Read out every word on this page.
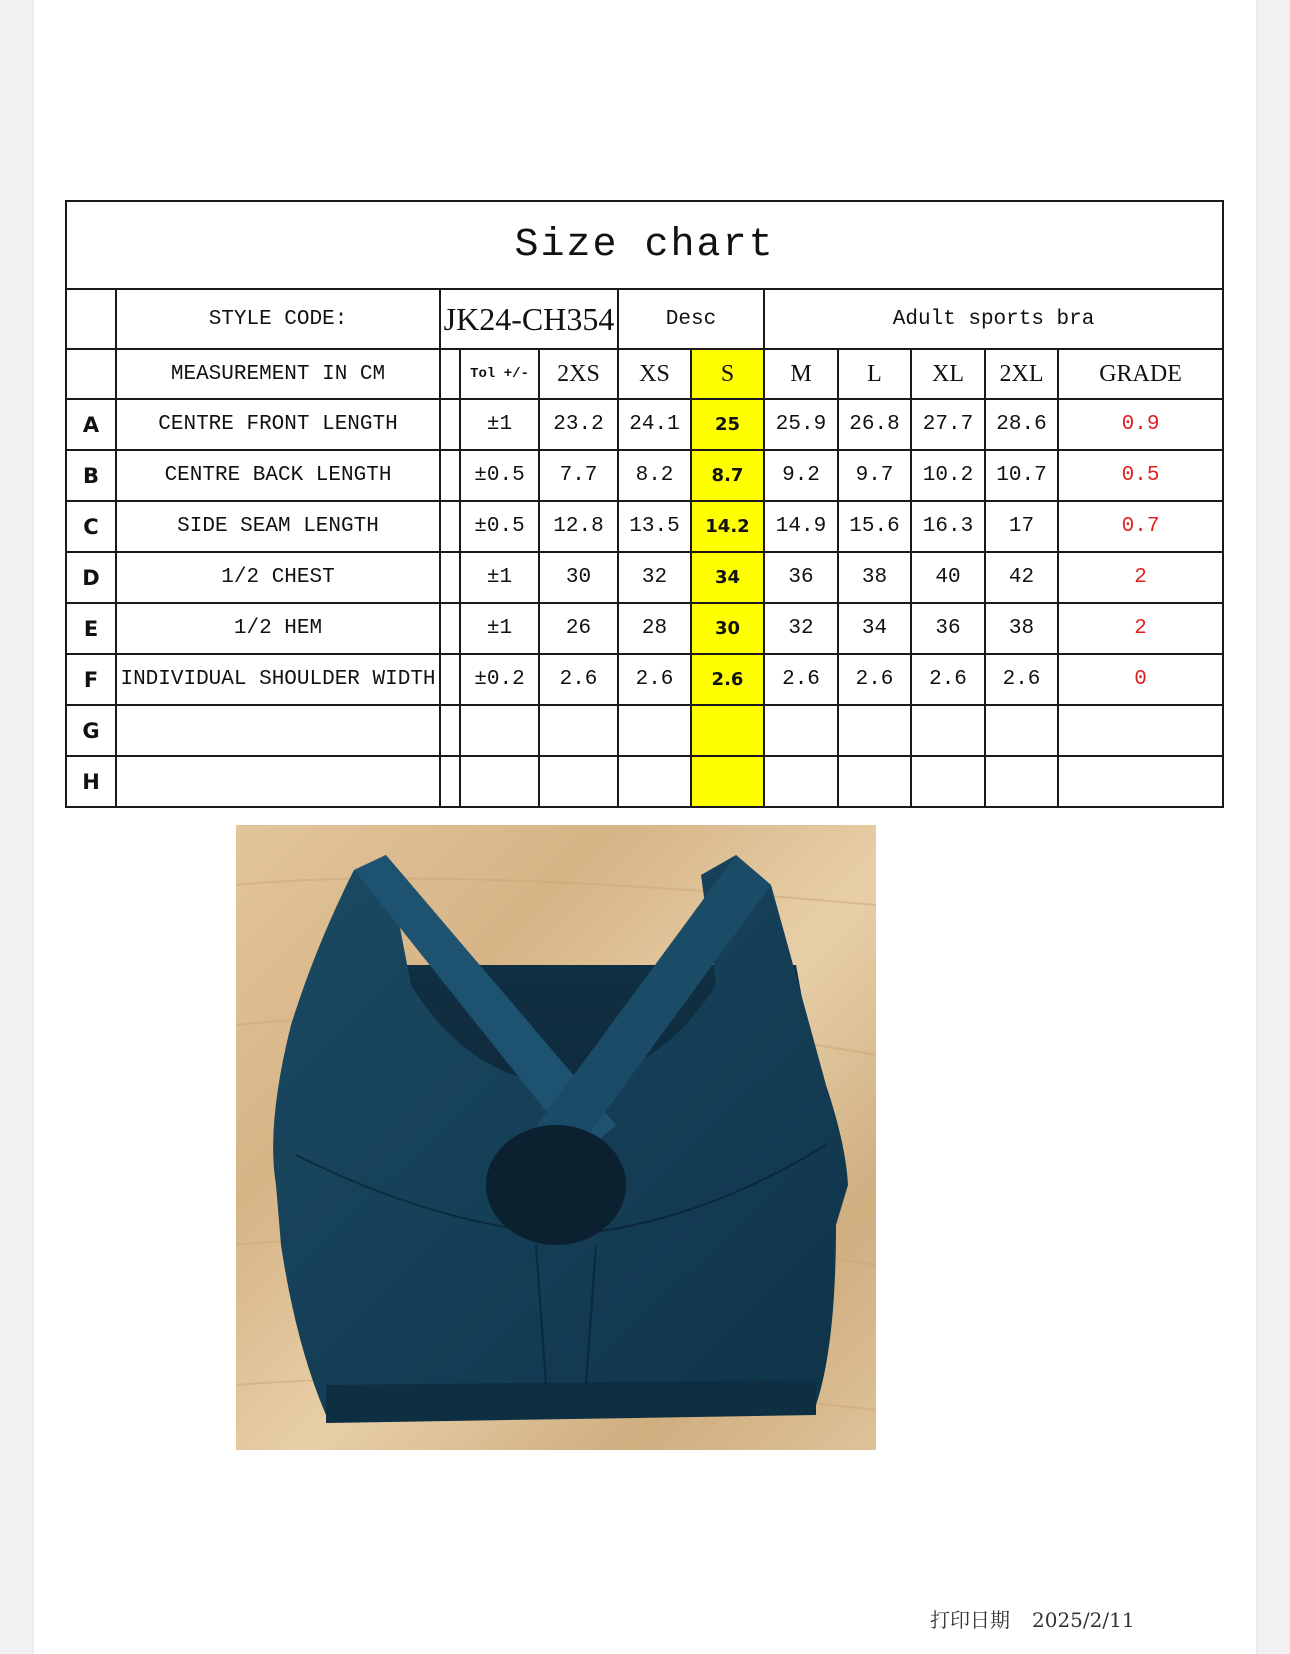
Size chart											
	STYLE CODE:	JK24-CH354			Desc		Adult sports bra				
	MEASUREMENT IN CM		Tol +/-	2XS	XS	S	M	L	XL	2XL	GRADE
A	CENTRE FRONT LENGTH		±1	23.2	24.1	25	25.9	26.8	27.7	28.6	0.9
B	CENTRE BACK LENGTH		±0.5	7.7	8.2	8.7	9.2	9.7	10.2	10.7	0.5
C	SIDE SEAM LENGTH		±0.5	12.8	13.5	14.2	14.9	15.6	16.3	17	0.7
D	1/2 CHEST		±1	30	32	34	36	38	40	42	2
E	1/2 HEM		±1	26	28	30	32	34	36	38	2
F	INDIVIDUAL SHOULDER WIDTH		±0.2	2.6	2.6	2.6	2.6	2.6	2.6	2.6	0
G											
H											
打印日期 2025/2/11
